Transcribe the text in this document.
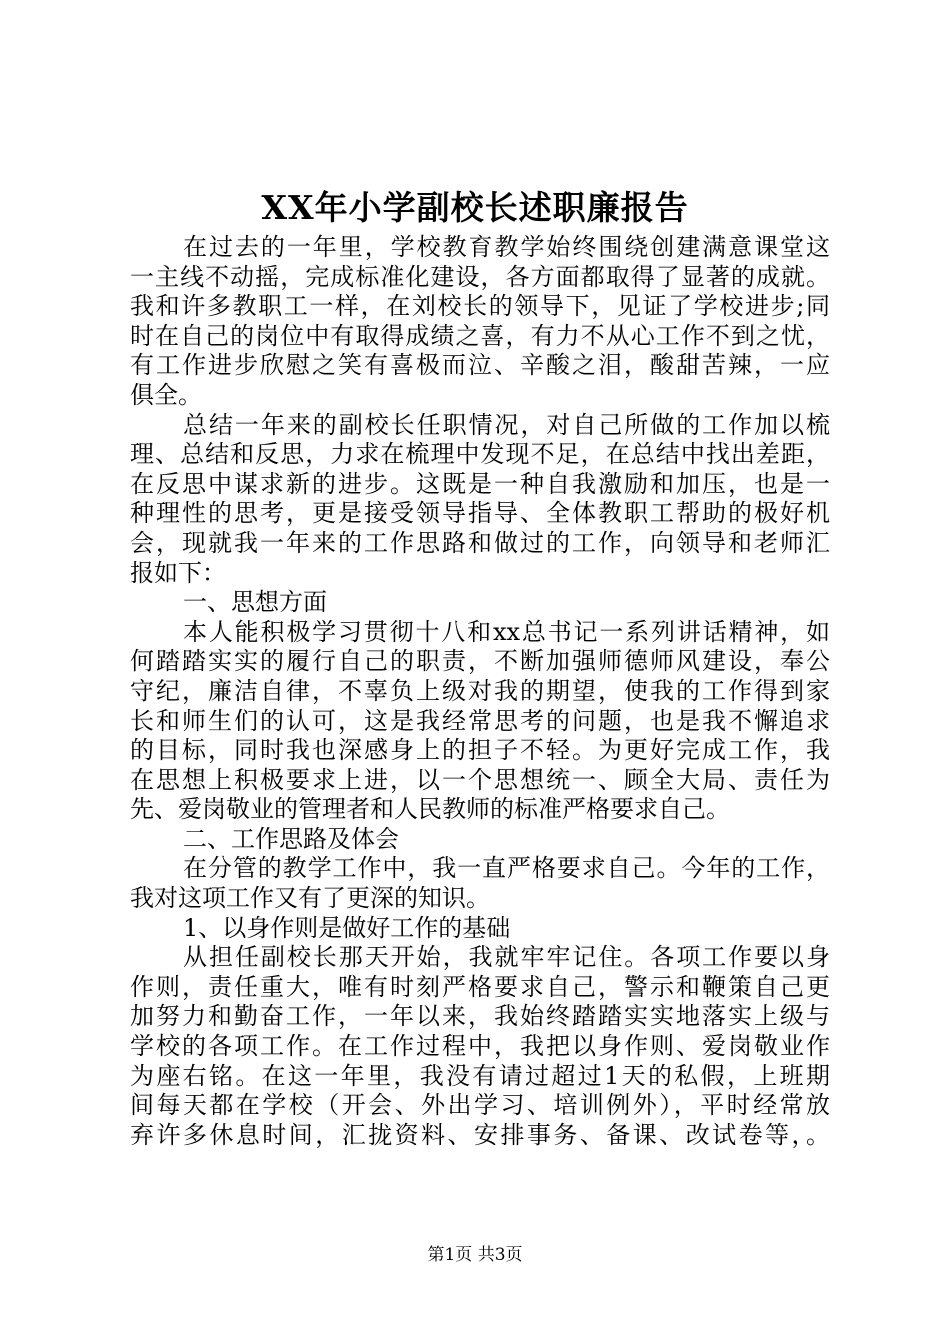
XX年小学副校长述职廉报告
在过去的一年里，学校教育教学始终围绕创建满意课堂这
一主线不动摇，完成标准化建设，各方面都取得了显著的成就。
我和许多教职工一样，在刘校长的领导下，见证了学校进步;同
时在自己的岗位中有取得成绩之喜，有力不从心工作不到之忧，
有工作进步欣慰之笑有喜极而泣、辛酸之泪，酸甜苦辣，一应
俱全。
总结一年来的副校长任职情况，对自己所做的工作加以梳
理、总结和反思，力求在梳理中发现不足，在总结中找出差距，
在反思中谋求新的进步。这既是一种自我激励和加压，也是一
种理性的思考，更是接受领导指导、全体教职工帮助的极好机
会，现就我一年来的工作思路和做过的工作，向领导和老师汇
报如下：
一、思想方面
本人能积极学习贯彻十八和xx总书记一系列讲话精神，如
何踏踏实实的履行自己的职责，不断加强师德师风建设，奉公
守纪，廉洁自律，不辜负上级对我的期望，使我的工作得到家
长和师生们的认可，这是我经常思考的问题，也是我不懈追求
的目标，同时我也深感身上的担子不轻。为更好完成工作，我
在思想上积极要求上进，以一个思想统一、顾全大局、责任为
先、爱岗敬业的管理者和人民教师的标准严格要求自己。
二、工作思路及体会
在分管的教学工作中，我一直严格要求自己。今年的工作，
我对这项工作又有了更深的知识。
1、以身作则是做好工作的基础
从担任副校长那天开始，我就牢牢记住。各项工作要以身
作则，责任重大，唯有时刻严格要求自己，警示和鞭策自己更
加努力和勤奋工作，一年以来，我始终踏踏实实地落实上级与
学校的各项工作。在工作过程中，我把以身作则、爱岗敬业作
为座右铭。在这一年里，我没有请过超过1天的私假，上班期
间每天都在学校（开会、外出学习、培训例外），平时经常放
弃许多休息时间，汇拢资料、安排事务、备课、改试卷等，。
第1页 共3页
